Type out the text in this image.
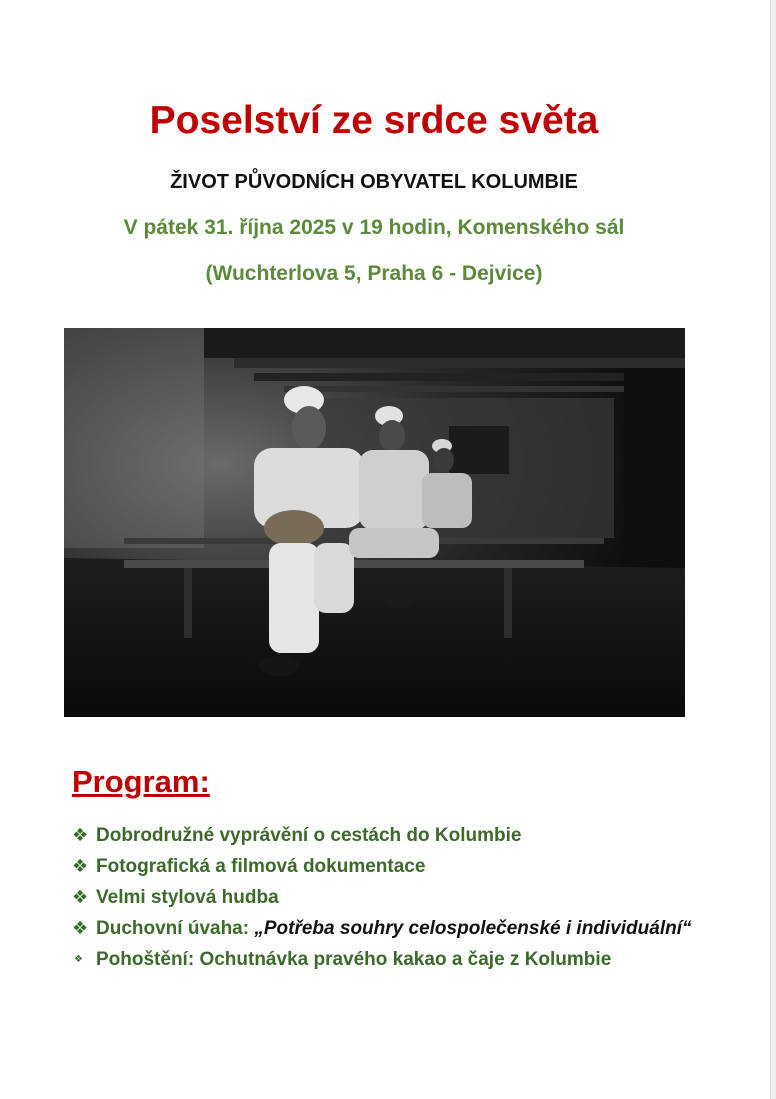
Poselství ze srdce světa
ŽIVOT PŮVODNÍCH OBYVATEL KOLUMBIE
V pátek 31. října 2025 v 19 hodin, Komenského sál
(Wuchterlova 5, Praha 6 - Dejvice)
Program:
❖ Dobrodružné vyprávění o cestách do Kolumbie
❖ Fotografická a filmová dokumentace
❖ Velmi stylová hudba
❖ Duchovní úvaha: „Potřeba souhry celospolečenské i individuální“
❖ Pohoštění: Ochutnávka pravého kakao a čaje z Kolumbie
